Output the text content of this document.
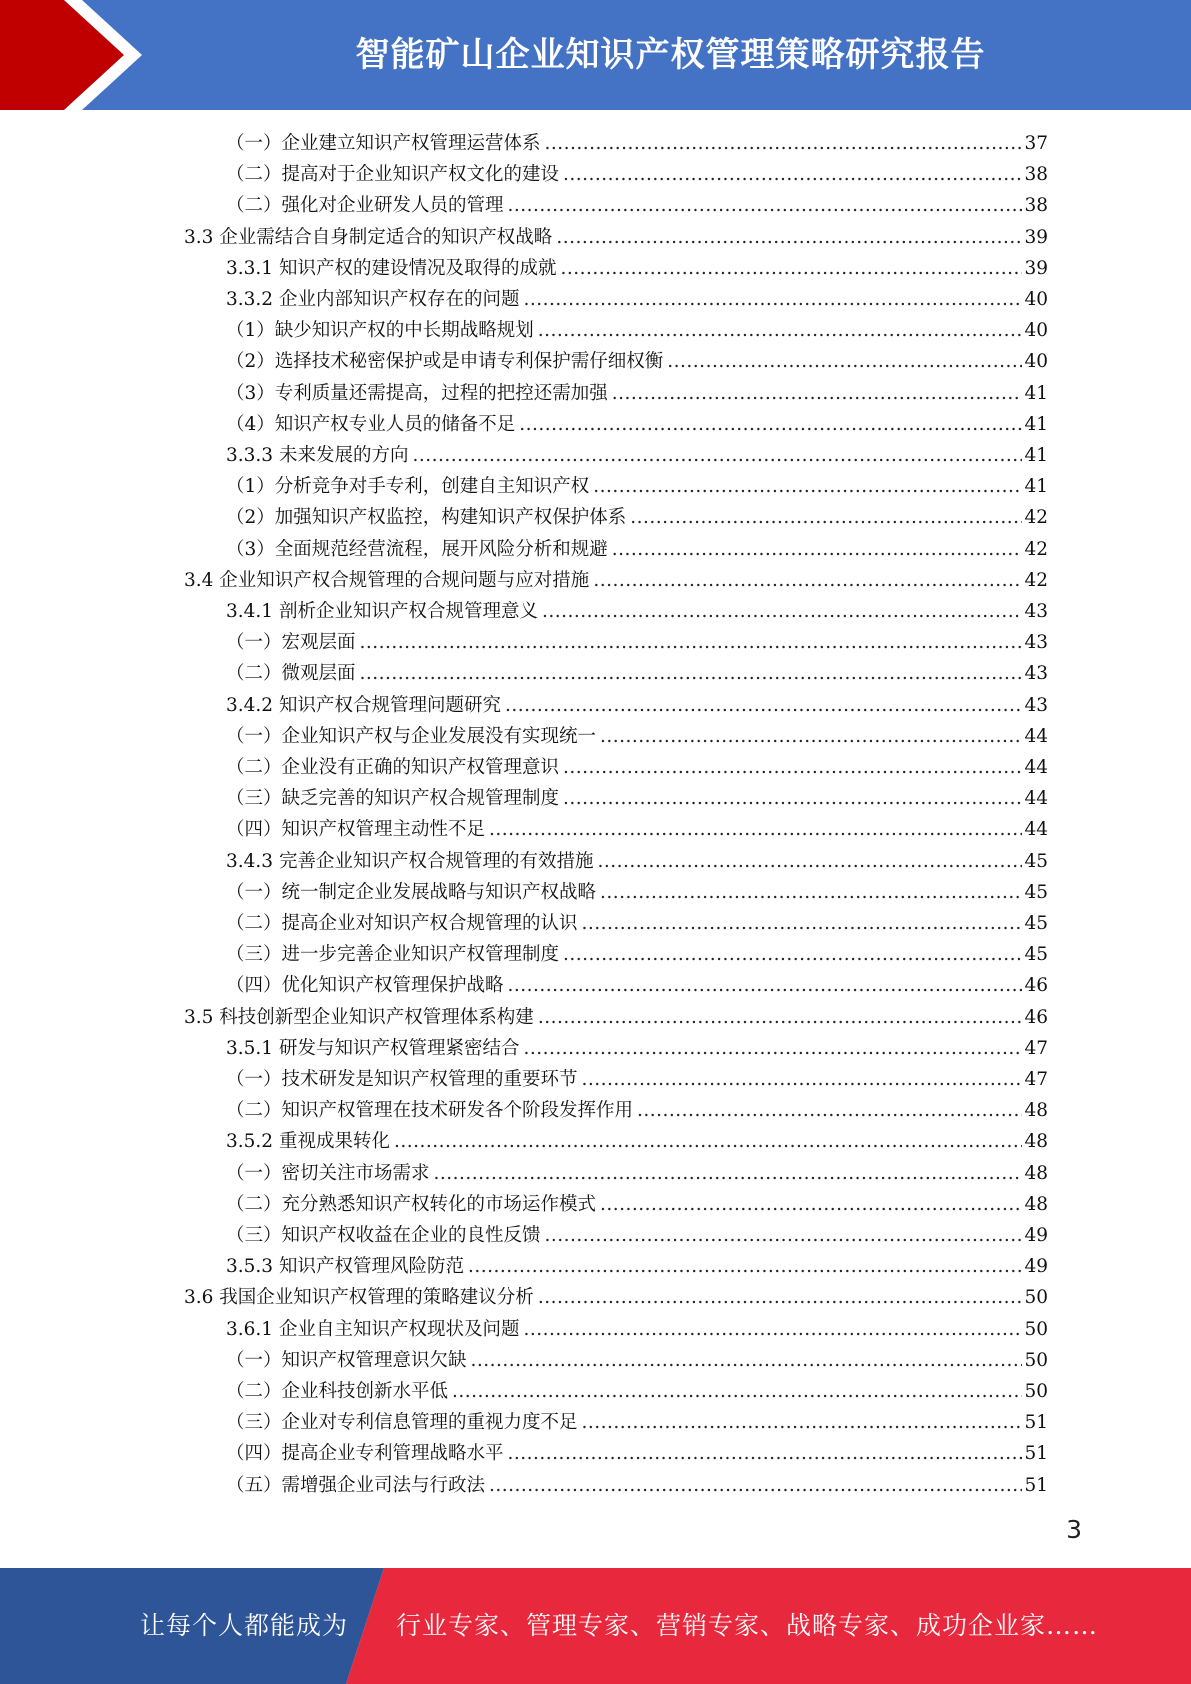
智能矿山企业知识产权管理策略研究报告
（一）企业建立知识产权管理运营体系 .....	37
（二）提高对于企业知识产权文化的建设 .....	38
（二）强化对企业研发人员的管理 .....	38
3.3 企业需结合自身制定适合的知识产权战略 .....	39
3.3.1 知识产权的建设情况及取得的成就 .....	39
3.3.2 企业内部知识产权存在的问题 .....	40
（1）缺少知识产权的中长期战略规划 .....	40
（2）选择技术秘密保护或是申请专利保护需仔细权衡 .....	40
（3）专利质量还需提高，过程的把控还需加强 .....	41
（4）知识产权专业人员的储备不足 .....	41
3.3.3 未来发展的方向 .....	41
（1）分析竞争对手专利，创建自主知识产权 .....	41
（2）加强知识产权监控，构建知识产权保护体系 .....	42
（3）全面规范经营流程，展开风险分析和规避 .....	42
3.4 企业知识产权合规管理的合规问题与应对措施 .....	42
3.4.1 剖析企业知识产权合规管理意义 .....	43
（一）宏观层面 .....	43
（二）微观层面 .....	43
3.4.2 知识产权合规管理问题研究 .....	43
（一）企业知识产权与企业发展没有实现统一 .....	44
（二）企业没有正确的知识产权管理意识 .....	44
（三）缺乏完善的知识产权合规管理制度 .....	44
（四）知识产权管理主动性不足 .....	44
3.4.3 完善企业知识产权合规管理的有效措施 .....	45
（一）统一制定企业发展战略与知识产权战略 .....	45
（二）提高企业对知识产权合规管理的认识 .....	45
（三）进一步完善企业知识产权管理制度 .....	45
（四）优化知识产权管理保护战略 .....	46
3.5 科技创新型企业知识产权管理体系构建 .....	46
3.5.1 研发与知识产权管理紧密结合 .....	47
（一）技术研发是知识产权管理的重要环节 .....	47
（二）知识产权管理在技术研发各个阶段发挥作用 .....	48
3.5.2 重视成果转化 .....	48
（一）密切关注市场需求 .....	48
（二）充分熟悉知识产权转化的市场运作模式 .....	48
（三）知识产权收益在企业的良性反馈 .....	49
3.5.3 知识产权管理风险防范 .....	49
3.6 我国企业知识产权管理的策略建议分析 .....	50
3.6.1 企业自主知识产权现状及问题 .....	50
（一）知识产权管理意识欠缺 .....	50
（二）企业科技创新水平低 .....	50
（三）企业对专利信息管理的重视力度不足 .....	51
（四）提高企业专利管理战略水平 .....	51
（五）需增强企业司法与行政法 .....	51
3
让每个人都能成为 行业专家、管理专家、营销专家、战略专家、成功企业家……
